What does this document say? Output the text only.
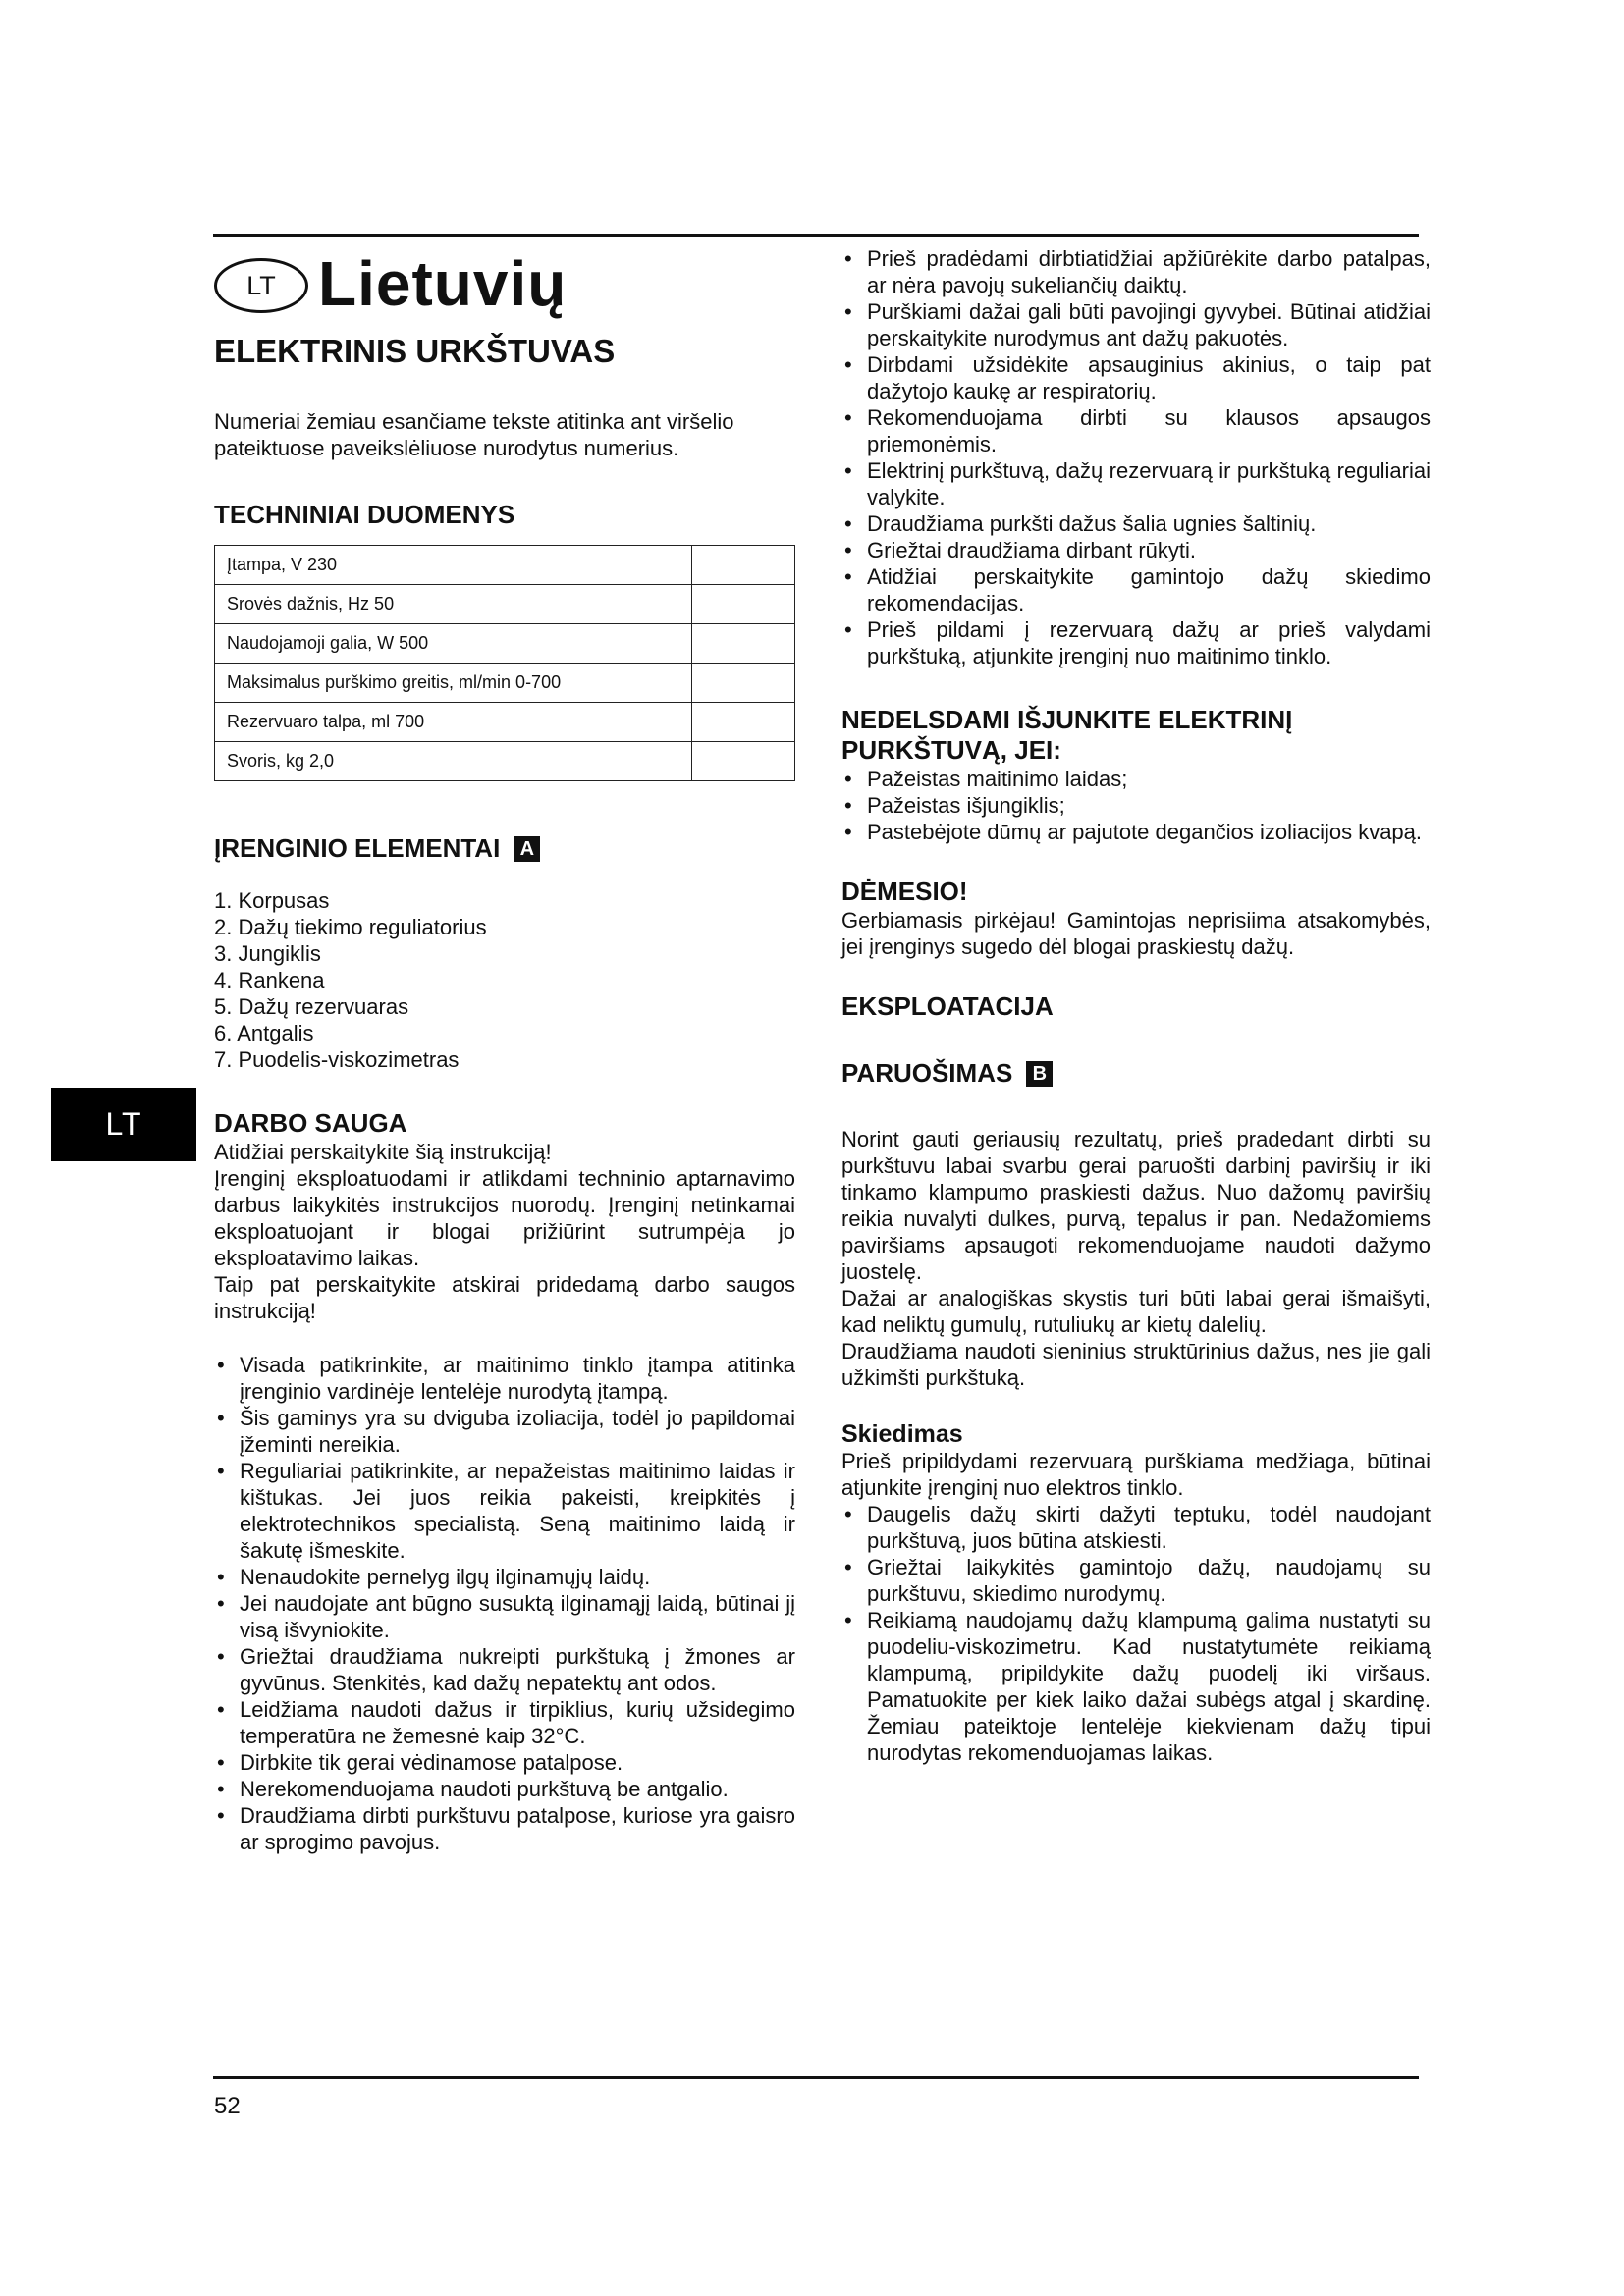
LT
LT Lietuvių
ELEKTRINIS URKŠTUVAS

Numeriai žemiau esančiame tekste atitinka ant viršelio pateiktuose paveikslėliuose nurodytus numerius.

TECHNINIAI DUOMENYS
Įtampa, V 230	
Srovės dažnis, Hz 50	
Naudojamoji galia, W 500	
Maksimalus purškimo greitis, ml/min 0-700	
Rezervuaro talpa, ml 700	
Svoris, kg 2,0	
ĮRENGINIO ELEMENTAI A
1. Korpusas
2. Dažų tiekimo reguliatorius
3. Jungiklis
4. Rankena
5. Dažų rezervuaras
6. Antgalis
7. Puodelis-viskozimetras
DARBO SAUGA

Atidžiai perskaitykite šią instrukciją!

Įrenginį eksploatuodami ir atlikdami techninio aptarnavimo darbus laikykitės instrukcijos nuorodų. Įrenginį netinkamai eksploatuojant ir blogai prižiūrint sutrumpėja jo eksploatavimo laikas.

Taip pat perskaitykite atskirai pridedamą darbo saugos instrukciją!

• Visada patikrinkite, ar maitinimo tinklo įtampa atitinka įrenginio vardinėje lentelėje nurodytą įtampą.
• Šis gaminys yra su dviguba izoliacija, todėl jo papildomai įžeminti nereikia.
• Reguliariai patikrinkite, ar nepažeistas maitinimo laidas ir kištukas. Jei juos reikia pakeisti, kreipkitės į elektrotechnikos specialistą. Seną maitinimo laidą ir šakutę išmeskite.
• Nenaudokite pernelyg ilgų ilginamųjų laidų.
• Jei naudojate ant būgno susuktą ilginamąjį laidą, būtinai jį visą išvyniokite.
• Griežtai draudžiama nukreipti purkštuką į žmones ar gyvūnus. Stenkitės, kad dažų nepatektų ant odos.
• Leidžiama naudoti dažus ir tirpiklius, kurių užsidegimo temperatūra ne žemesnė kaip 32°C.
• Dirbkite tik gerai vėdinamose patalpose.
• Nerekomenduojama naudoti purkštuvą be antgalio.
• Draudžiama dirbti purkštuvu patalpose, kuriose yra gaisro ar sprogimo pavojus.
• Prieš pradėdami dirbtiatidžiai apžiūrėkite darbo patalpas, ar nėra pavojų sukeliančių daiktų.
• Purškiami dažai gali būti pavojingi gyvybei. Būtinai atidžiai perskaitykite nurodymus ant dažų pakuotės.
• Dirbdami užsidėkite apsauginius akinius, o taip pat dažytojo kaukę ar respiratorių.
• Rekomenduojama dirbti su klausos apsaugos priemonėmis.
• Elektrinį purkštuvą, dažų rezervuarą ir purkštuką reguliariai valykite.
• Draudžiama purkšti dažus šalia ugnies šaltinių.
• Griežtai draudžiama dirbant rūkyti.
• Atidžiai perskaitykite gamintojo dažų skiedimo rekomendacijas.
• Prieš pildami į rezervuarą dažų ar prieš valydami purkštuką, atjunkite įrenginį nuo maitinimo tinklo.
NEDELSDAMI IŠJUNKITE ELEKTRINĮ PURKŠTUVĄ, JEI:
• Pažeistas maitinimo laidas;
• Pažeistas išjungiklis;
• Pastebėjote dūmų ar pajutote degančios izoliacijos kvapą.
DĖMESIO!

Gerbiamasis pirkėjau! Gamintojas neprisiima atsakomybės, jei įrenginys sugedo dėl blogai praskiestų dažų.

EKSPLOATACIJA
PARUOŠIMAS B

Norint gauti geriausių rezultatų, prieš pradedant dirbti su purkštuvu labai svarbu gerai paruošti darbinį paviršių ir iki tinkamo klampumo praskiesti dažus. Nuo dažomų paviršių reikia nuvalyti dulkes, purvą, tepalus ir pan. Nedažomiems paviršiams apsaugoti rekomenduojame naudoti dažymo juostelę.

Dažai ar analogiškas skystis turi būti labai gerai išmaišyti, kad neliktų gumulų, rutuliukų ar kietų dalelių.

Draudžiama naudoti sieninius struktūrinius dažus, nes jie gali užkimšti purkštuką.

Skiedimas

Prieš pripildydami rezervuarą purškiama medžiaga, būtinai atjunkite įrenginį nuo elektros tinklo.

• Daugelis dažų skirti dažyti teptuku, todėl naudojant purkštuvą, juos būtina atskiesti.
• Griežtai laikykitės gamintojo dažų, naudojamų su purkštuvu, skiedimo nurodymų.
• Reikiamą naudojamų dažų klampumą galima nustatyti su puodeliu-viskozimetru. Kad nustatytumėte reikiamą klampumą, pripildykite dažų puodelį iki viršaus. Pamatuokite per kiek laiko dažai subėgs atgal į skardinę. Žemiau pateiktoje lentelėje kiekvienam dažų tipui nurodytas rekomenduojamas laikas.
52
